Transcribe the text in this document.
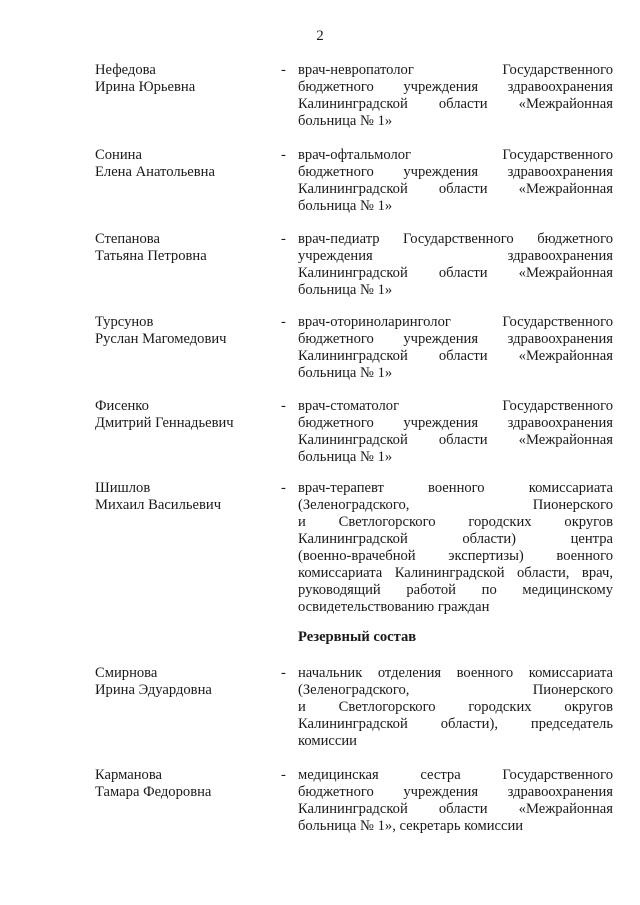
2
Нефедова
Ирина Юрьевна
- врач-невропатолог Государственного
бюджетного учреждения здравоохранения
Калининградской области «Межрайонная
больница № 1»
Сонина
Елена Анатольевна
- врач-офтальмолог Государственного
бюджетного учреждения здравоохранения
Калининградской области «Межрайонная
больница № 1»
Степанова
Татьяна Петровна
- врач-педиатр Государственного бюджетного
учреждения здравоохранения
Калининградской области «Межрайонная
больница № 1»
Турсунов
Руслан Магомедович
- врач-оториноларинголог Государственного
бюджетного учреждения здравоохранения
Калининградской области «Межрайонная
больница № 1»
Фисенко
Дмитрий Геннадьевич
- врач-стоматолог Государственного
бюджетного учреждения здравоохранения
Калининградской области «Межрайонная
больница № 1»
Шишлов
Михаил Васильевич
- врач-терапевт военного комиссариата
(Зеленоградского, Пионерского
и Светлогорского городских округов
Калининградской области) центра
(военно-врачебной экспертизы) военного
комиссариата Калининградской области, врач,
руководящий работой по медицинскому
освидетельствованию граждан
Резервный состав
Смирнова
Ирина Эдуардовна
- начальник отделения военного комиссариата
(Зеленоградского, Пионерского
и Светлогорского городских округов
Калининградской области), председатель
комиссии
Карманова
Тамара Федоровна
- медицинская сестра Государственного
бюджетного учреждения здравоохранения
Калининградской области «Межрайонная
больница № 1», секретарь комиссии
